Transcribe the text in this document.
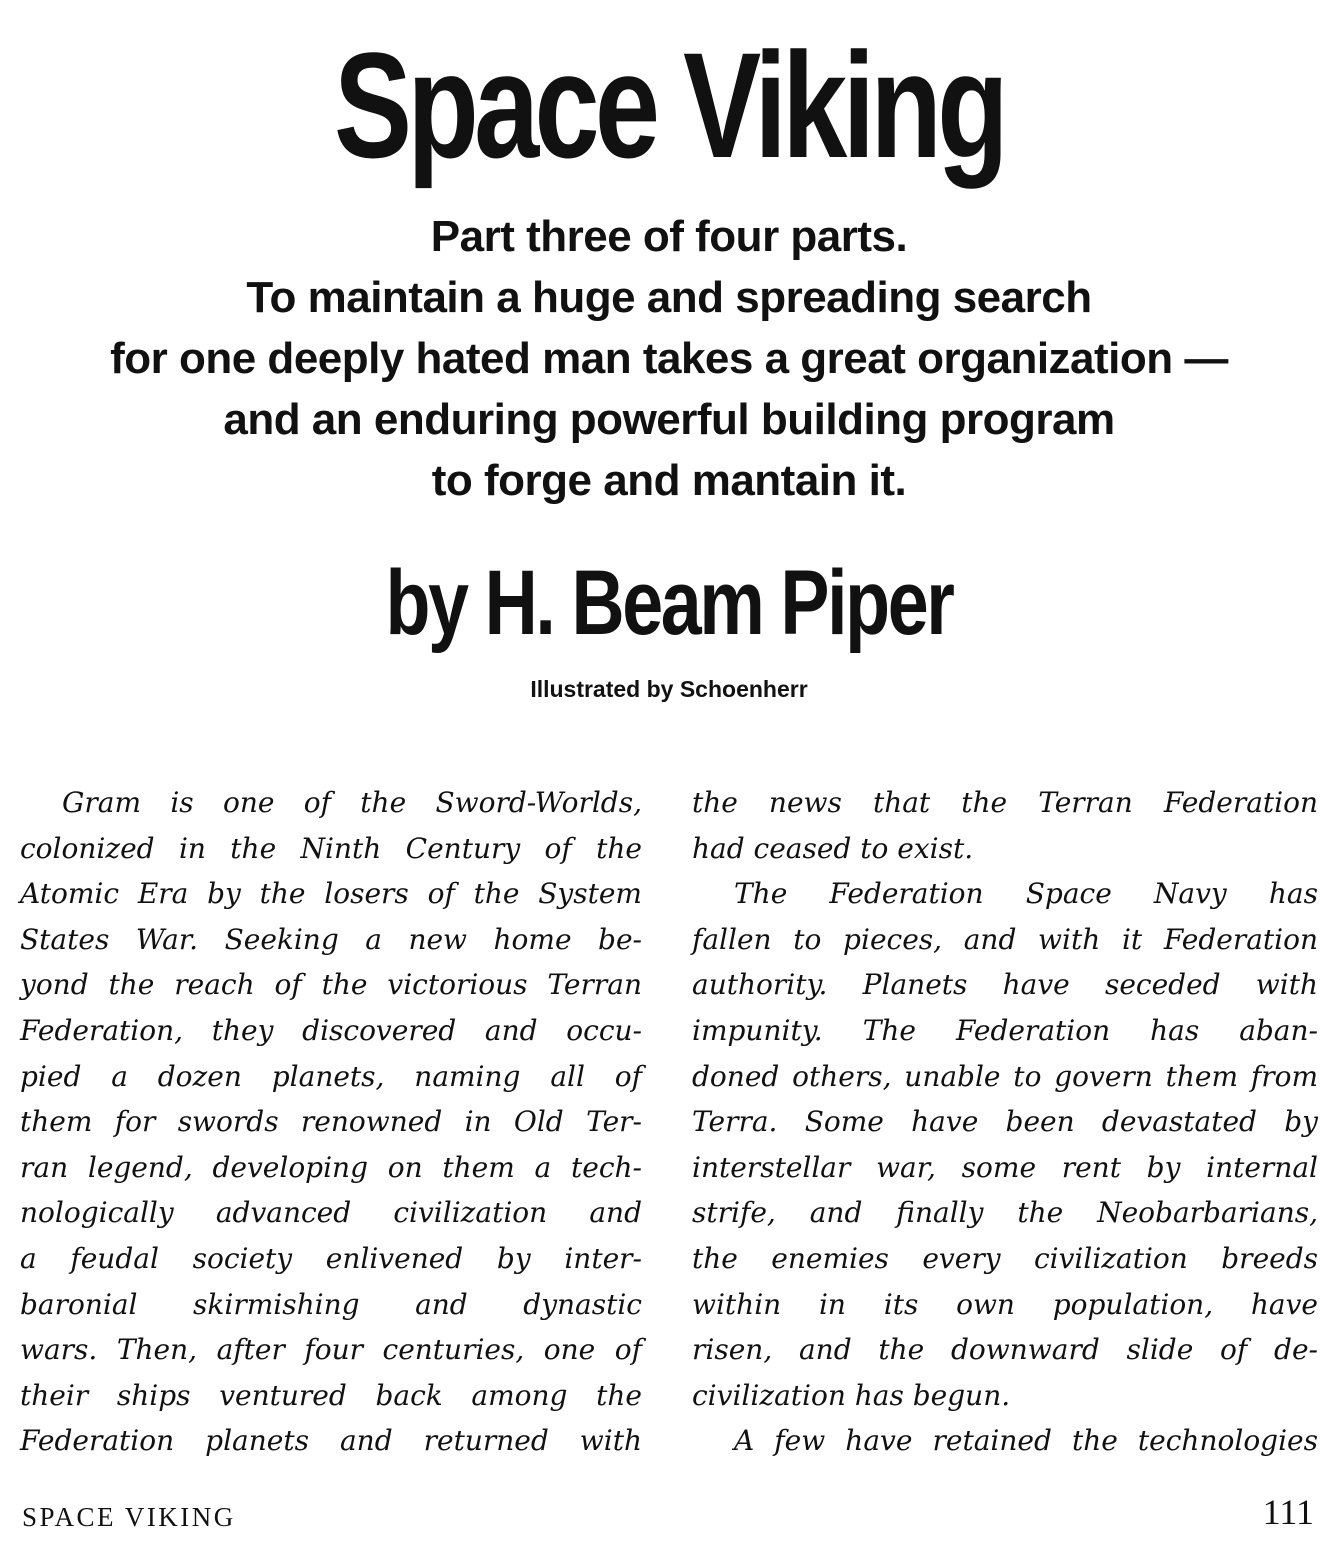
Space Viking
Part three of four parts.
To maintain a huge and spreading search
for one deeply hated man takes a great organization —
and an enduring powerful building program
to forge and mantain it.
by H. Beam Piper
Illustrated by Schoenherr
Gram is one of the Sword-Worlds,
colonized in the Ninth Century of the
Atomic Era by the losers of the System
States War. Seeking a new home be-
yond the reach of the victorious Terran
Federation, they discovered and occu-
pied a dozen planets, naming all of
them for swords renowned in Old Ter-
ran legend, developing on them a tech-
nologically advanced civilization and
a feudal society enlivened by inter-
baronial skirmishing and dynastic
wars. Then, after four centuries, one of
their ships ventured back among the
Federation planets and returned with
the news that the Terran Federation
had ceased to exist.
The Federation Space Navy has
fallen to pieces, and with it Federation
authority. Planets have seceded with
impunity. The Federation has aban-
doned others, unable to govern them from
Terra. Some have been devastated by
interstellar war, some rent by internal
strife, and finally the Neobarbarians,
the enemies every civilization breeds
within in its own population, have
risen, and the downward slide of de-
civilization has begun.
A few have retained the technologies
SPACE VIKING	111
